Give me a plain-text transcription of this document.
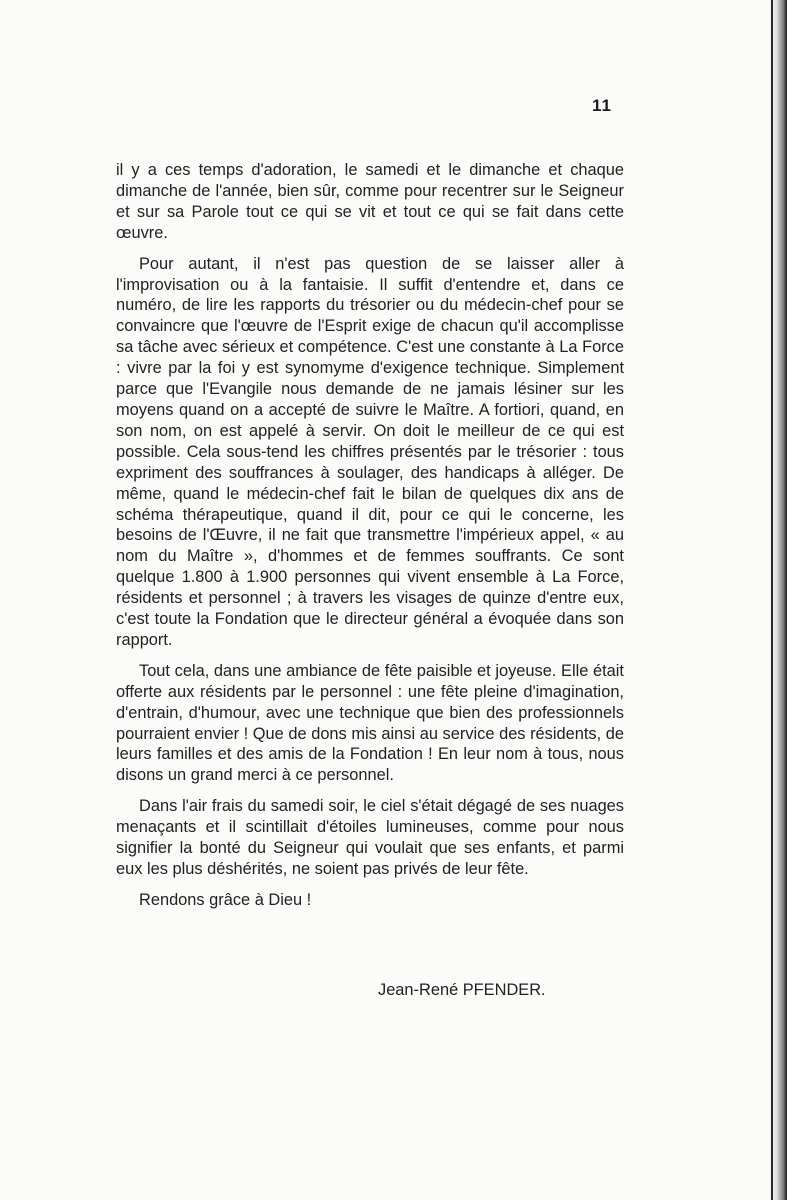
11

il y a ces temps d'adoration, le samedi et le dimanche et chaque dimanche de l'année, bien sûr, comme pour recentrer sur le Seigneur et sur sa Parole tout ce qui se vit et tout ce qui se fait dans cette œuvre.

Pour autant, il n'est pas question de se laisser aller à l'improvisation ou à la fantaisie. Il suffit d'entendre et, dans ce numéro, de lire les rapports du trésorier ou du médecin-chef pour se convaincre que l'œuvre de l'Esprit exige de chacun qu'il accomplisse sa tâche avec sérieux et compétence. C'est une constante à La Force : vivre par la foi y est synomyme d'exigence technique. Simplement parce que l'Evangile nous demande de ne jamais lésiner sur les moyens quand on a accepté de suivre le Maître. A fortiori, quand, en son nom, on est appelé à servir. On doit le meilleur de ce qui est possible. Cela sous-tend les chiffres présentés par le trésorier : tous expriment des souffrances à soulager, des handicaps à alléger. De même, quand le médecin-chef fait le bilan de quelques dix ans de schéma thérapeutique, quand il dit, pour ce qui le concerne, les besoins de l'Œuvre, il ne fait que transmettre l'impérieux appel, « au nom du Maître », d'hommes et de femmes souffrants. Ce sont quelque 1.800 à 1.900 personnes qui vivent ensemble à La Force, résidents et personnel ; à travers les visages de quinze d'entre eux, c'est toute la Fondation que le directeur général a évoquée dans son rapport.

Tout cela, dans une ambiance de fête paisible et joyeuse. Elle était offerte aux résidents par le personnel : une fête pleine d'imagination, d'entrain, d'humour, avec une technique que bien des professionnels pourraient envier ! Que de dons mis ainsi au service des résidents, de leurs familles et des amis de la Fondation ! En leur nom à tous, nous disons un grand merci à ce personnel.

Dans l'air frais du samedi soir, le ciel s'était dégagé de ses nuages menaçants et il scintillait d'étoiles lumineuses, comme pour nous signifier la bonté du Seigneur qui voulait que ses enfants, et parmi eux les plus déshérités, ne soient pas privés de leur fête.

Rendons grâce à Dieu !

Jean-René PFENDER.
